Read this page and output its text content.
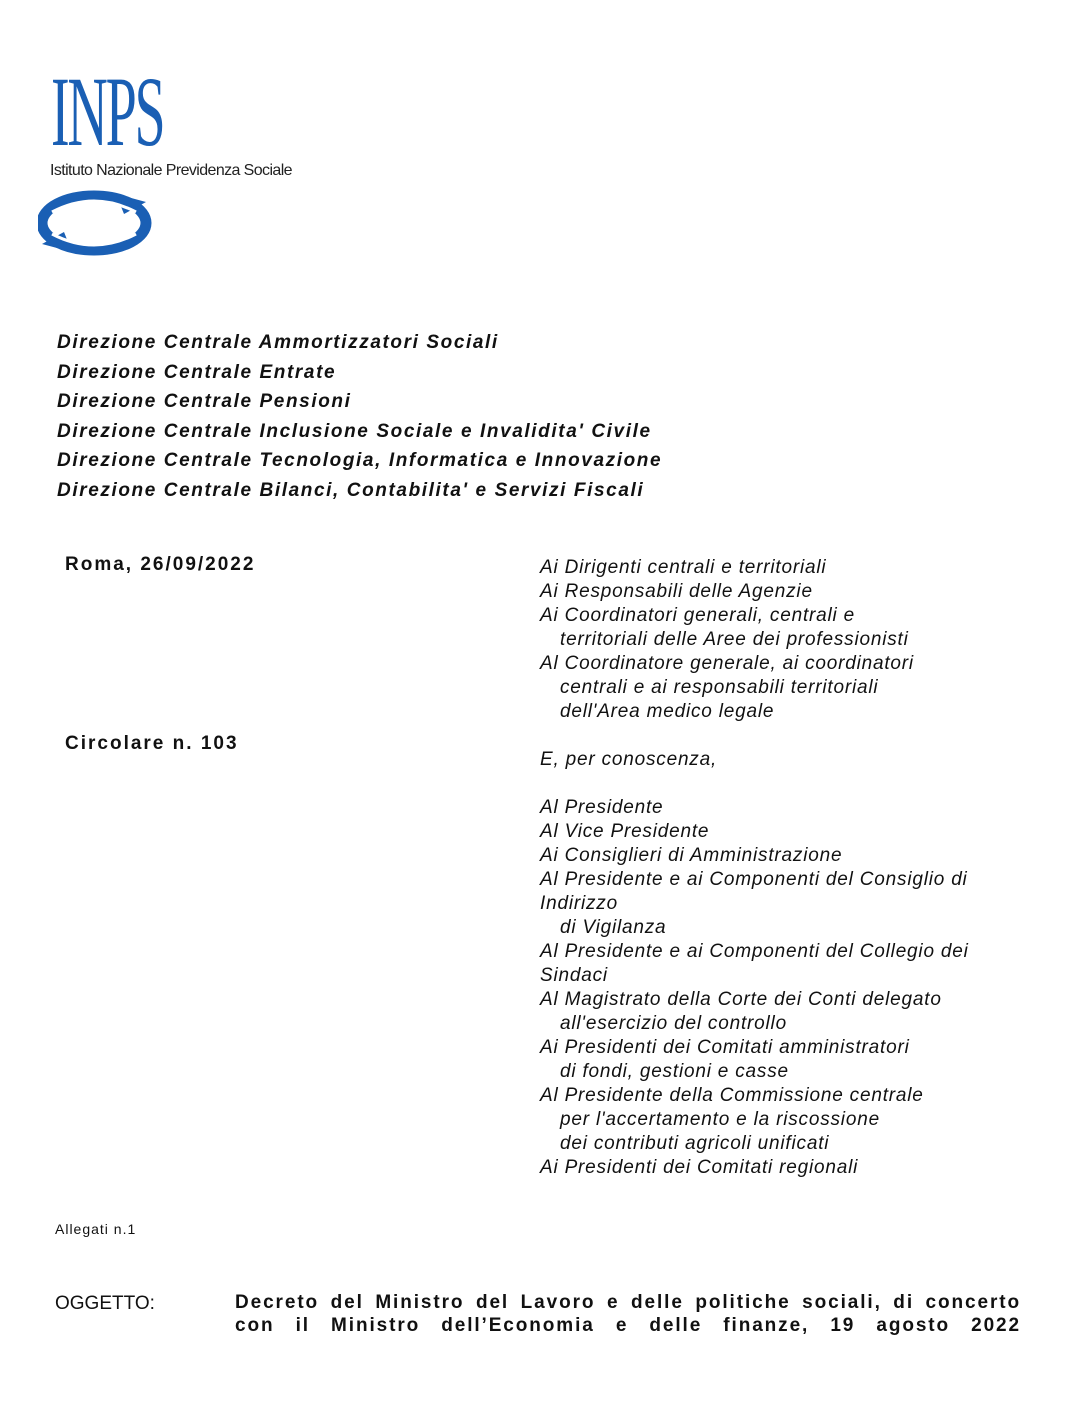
INPS
Istituto Nazionale Previdenza Sociale
Direzione Centrale Ammortizzatori Sociali
Direzione Centrale Entrate
Direzione Centrale Pensioni
Direzione Centrale Inclusione Sociale e Invalidita' Civile
Direzione Centrale Tecnologia, Informatica e Innovazione
Direzione Centrale Bilanci, Contabilita' e Servizi Fiscali
Roma, 26/09/2022
Circolare n. 103
Ai Dirigenti centrali e territoriali
Ai Responsabili delle Agenzie
Ai Coordinatori generali, centrali e
territoriali delle Aree dei professionisti
Al Coordinatore generale, ai coordinatori
centrali e ai responsabili territoriali
dell'Area medico legale
E, per conoscenza,
Al Presidente
Al Vice Presidente
Ai Consiglieri di Amministrazione
Al Presidente e ai Componenti del Consiglio di Indirizzo
di Vigilanza
Al Presidente e ai Componenti del Collegio dei Sindaci
Al Magistrato della Corte dei Conti delegato
all'esercizio del controllo
Ai Presidenti dei Comitati amministratori
di fondi, gestioni e casse
Al Presidente della Commissione centrale
per l'accertamento e la riscossione
dei contributi agricoli unificati
Ai Presidenti dei Comitati regionali
Allegati n.1
OGGETTO:	Decreto del Ministro del Lavoro e delle politiche sociali, di concerto con il Ministro dell’Economia e delle finanze, 19 agosto 2022
